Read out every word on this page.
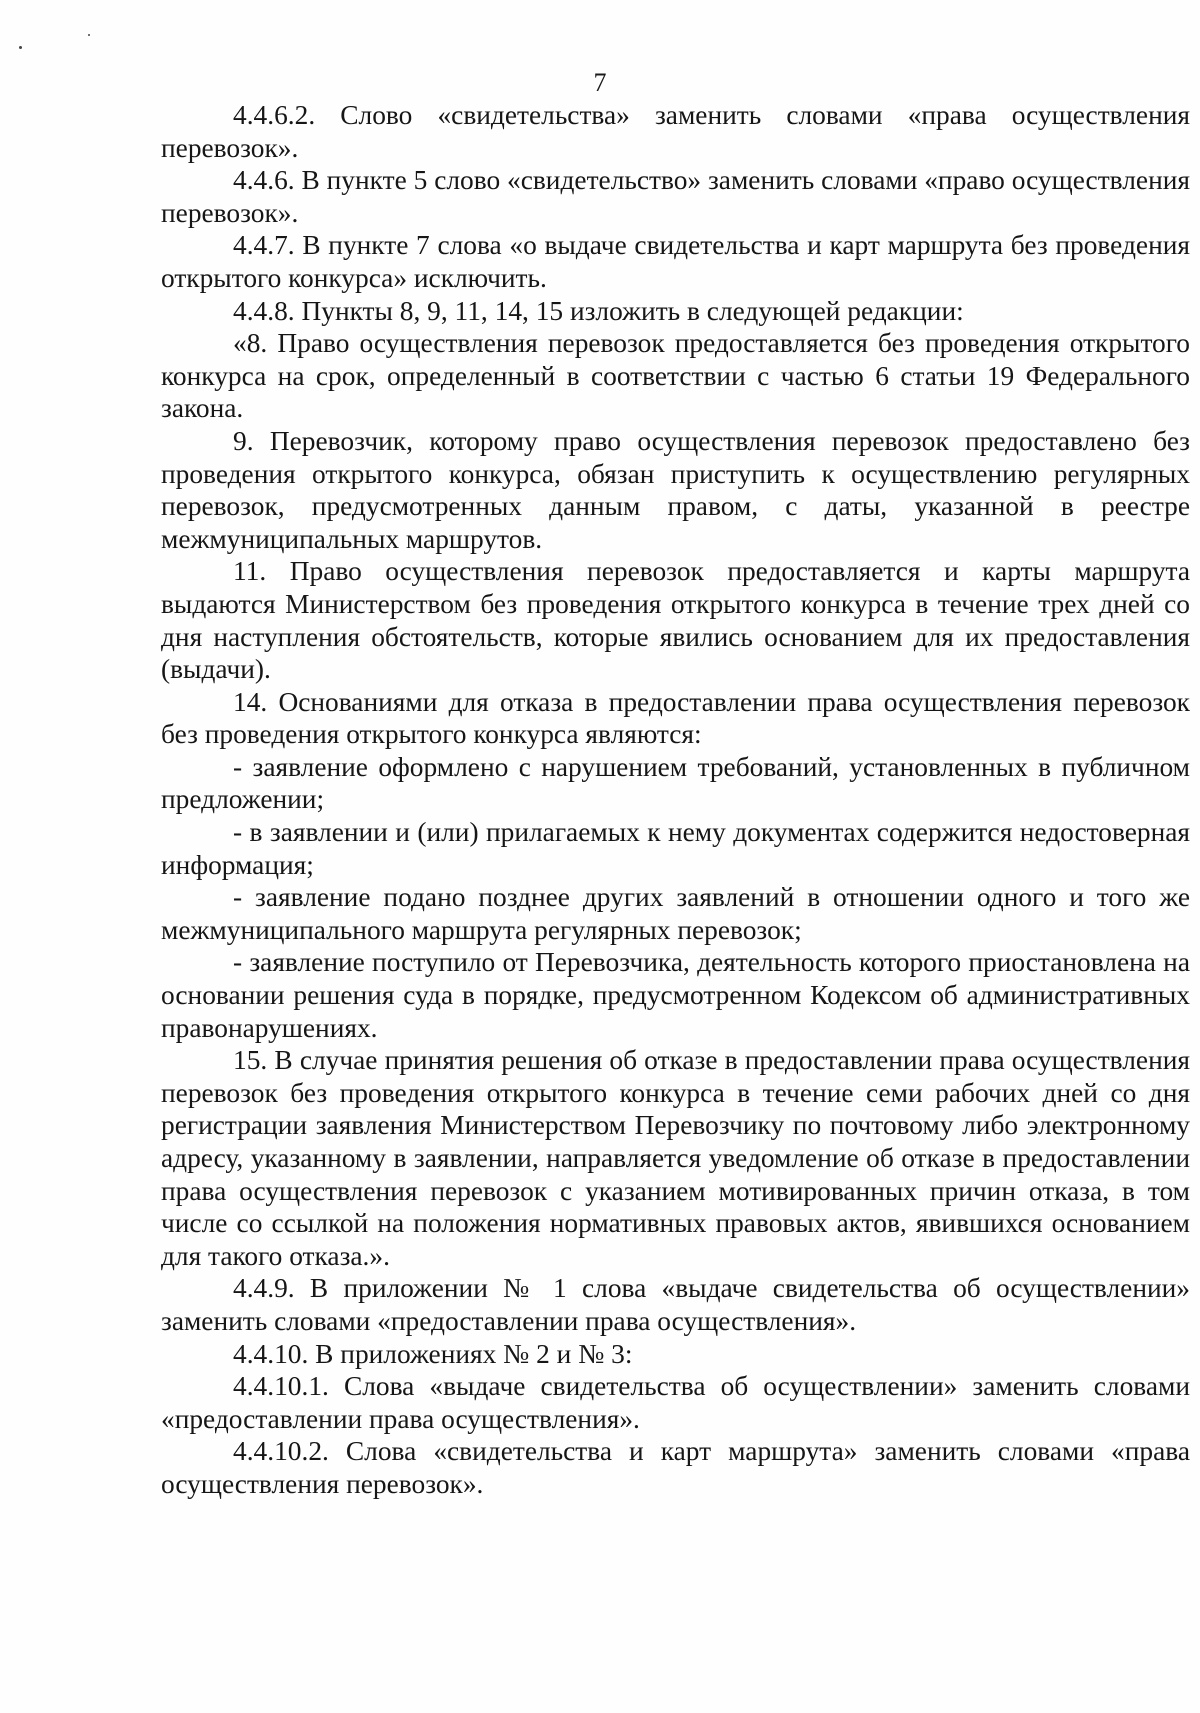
7

4.4.6.2. Слово «свидетельства» заменить словами «права осуществления перевозок».

4.4.6. В пункте 5 слово «свидетельство» заменить словами «право осуществления перевозок».

4.4.7. В пункте 7 слова «о выдаче свидетельства и карт маршрута без проведения открытого конкурса» исключить.

4.4.8. Пункты 8, 9, 11, 14, 15 изложить в следующей редакции:

«8. Право осуществления перевозок предоставляется без проведения открытого конкурса на срок, определенный в соответствии с частью 6 статьи 19 Федерального закона.

9. Перевозчик, которому право осуществления перевозок предоставлено без проведения открытого конкурса, обязан приступить к осуществлению регулярных перевозок, предусмотренных данным правом, с даты, указанной в реестре межмуниципальных маршрутов.

11. Право осуществления перевозок предоставляется и карты маршрута выдаются Министерством без проведения открытого конкурса в течение трех дней со дня наступления обстоятельств, которые явились основанием для их предоставления (выдачи).

14. Основаниями для отказа в предоставлении права осуществления перевозок без проведения открытого конкурса являются:

- заявление оформлено с нарушением требований, установленных в публичном предложении;

- в заявлении и (или) прилагаемых к нему документах содержится недостоверная информация;

- заявление подано позднее других заявлений в отношении одного и того же межмуниципального маршрута регулярных перевозок;

- заявление поступило от Перевозчика, деятельность которого приостановлена на основании решения суда в порядке, предусмотренном Кодексом об административных правонарушениях.

15. В случае принятия решения об отказе в предоставлении права осуществления перевозок без проведения открытого конкурса в течение семи рабочих дней со дня регистрации заявления Министерством Перевозчику по почтовому либо электронному адресу, указанному в заявлении, направляется уведомление об отказе в предоставлении права осуществления перевозок с указанием мотивированных причин отказа, в том числе со ссылкой на положения нормативных правовых актов, явившихся основанием для такого отказа.».

4.4.9. В приложении № 1 слова «выдаче свидетельства об осуществлении» заменить словами «предоставлении права осуществления».

4.4.10. В приложениях № 2 и № 3:

4.4.10.1. Слова «выдаче свидетельства об осуществлении» заменить словами «предоставлении права осуществления».

4.4.10.2. Слова «свидетельства и карт маршрута» заменить словами «права осуществления перевозок».
